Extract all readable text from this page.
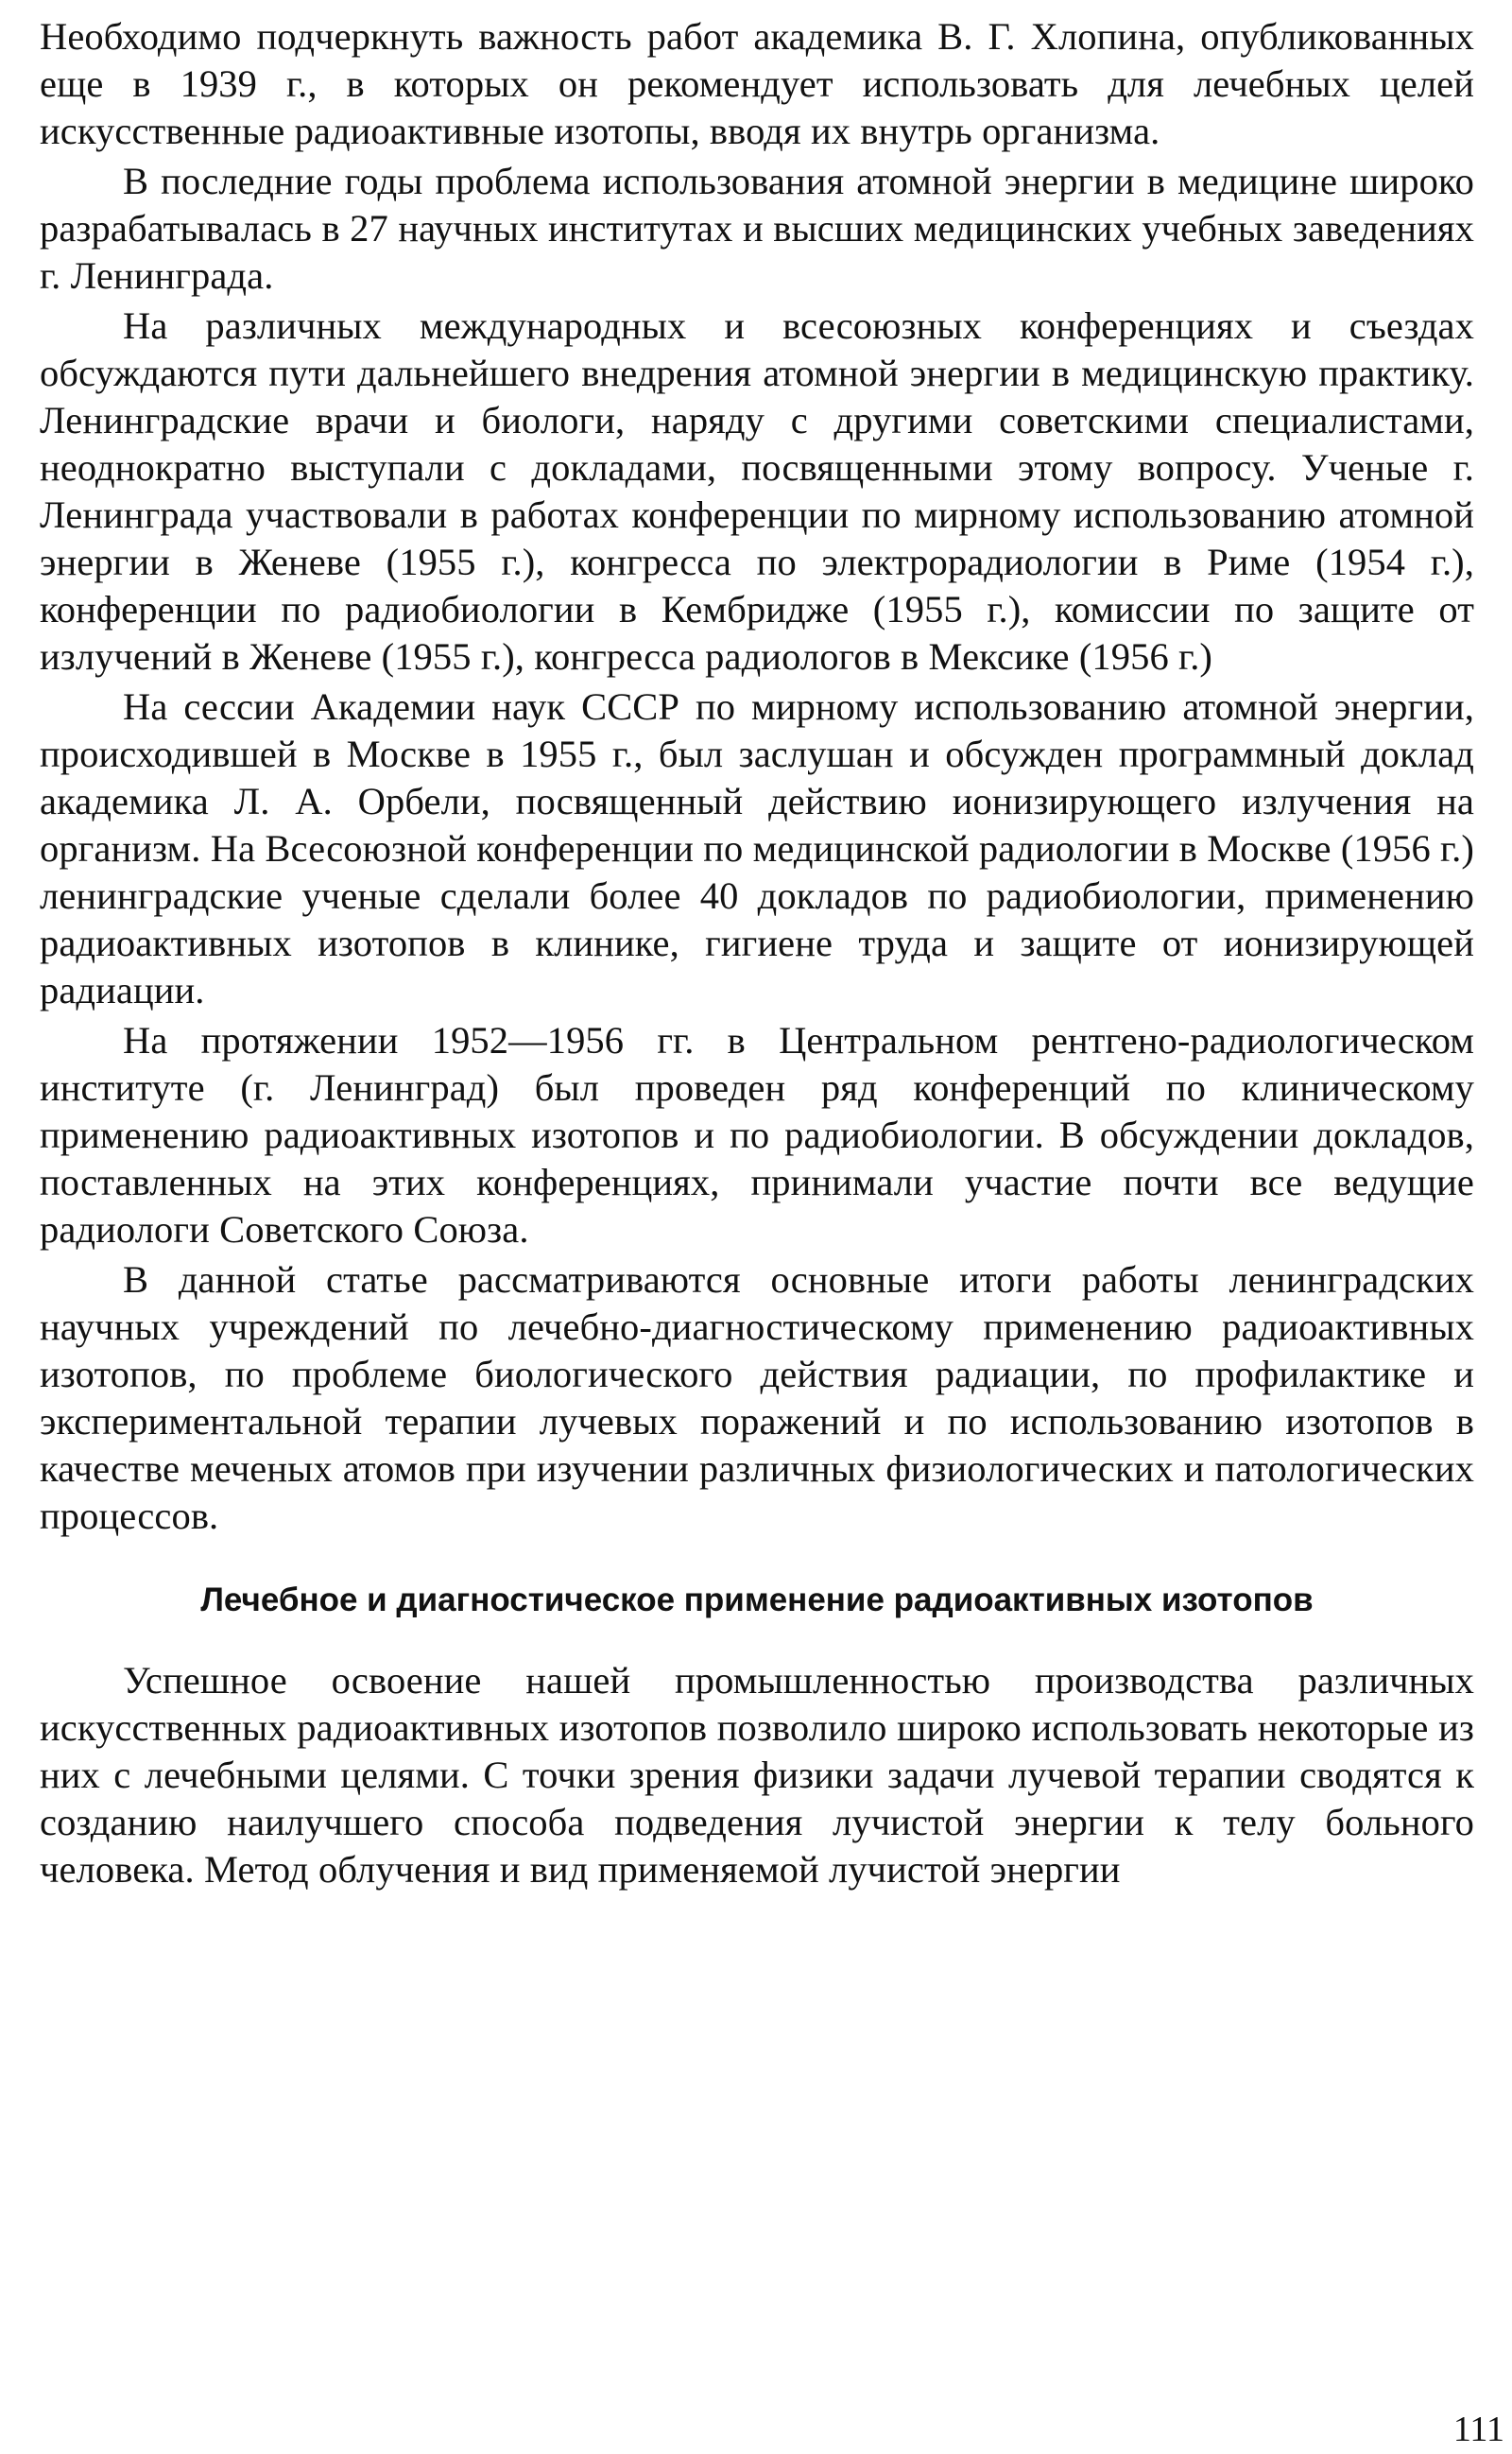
Необходимо подчеркнуть важность работ академика В. Г. Хлопина, опубликованных еще в 1939 г., в которых он рекомендует использовать для лечебных целей искусственные радиоактивные изотопы, вводя их внутрь организма.

В последние годы проблема использования атомной энергии в медицине широко разрабатывалась в 27 научных институтах и высших медицинских учебных заведениях г. Ленинграда.

На различных международных и всесоюзных конференциях и съездах обсуждаются пути дальнейшего внедрения атомной энергии в медицинскую практику. Ленинградские врачи и биологи, наряду с другими советскими специалистами, неоднократно выступали с докладами, посвященными этому вопросу. Ученые г. Ленинграда участвовали в работах конференции по мирному использованию атомной энергии в Женеве (1955 г.), конгресса по электрорадиологии в Риме (1954 г.), конференции по радиобиологии в Кембридже (1955 г.), комиссии по защите от излучений в Женеве (1955 г.), конгресса радиологов в Мексике (1956 г.)

На сессии Академии наук СССР по мирному использованию атомной энергии, происходившей в Москве в 1955 г., был заслушан и обсужден программный доклад академика Л. А. Орбели, посвященный действию ионизирующего излучения на организм. На Всесоюзной конференции по медицинской радиологии в Москве (1956 г.) ленинградские ученые сделали более 40 докладов по радиобиологии, применению радиоактивных изотопов в клинике, гигиене труда и защите от ионизирующей радиации.

На протяжении 1952—1956 гг. в Центральном рентгено-радиологическом институте (г. Ленинград) был проведен ряд конференций по клиническому применению радиоактивных изотопов и по радиобиологии. В обсуждении докладов, поставленных на этих конференциях, принимали участие почти все ведущие радиологи Советского Союза.

В данной статье рассматриваются основные итоги работы ленинградских научных учреждений по лечебно-диагностическому применению радиоактивных изотопов, по проблеме биологического действия радиации, по профилактике и экспериментальной терапии лучевых поражений и по использованию изотопов в качестве меченых атомов при изучении различных физиологических и патологических процессов.

Лечебное и диагностическое применение радиоактивных изотопов

Успешное освоение нашей промышленностью производства различных искусственных радиоактивных изотопов позволило широко использовать некоторые из них с лечебными целями. С точки зрения физики задачи лучевой терапии сводятся к созданию наилучшего способа подведения лучистой энергии к телу больного человека. Метод облучения и вид применяемой лучистой энергии

111
